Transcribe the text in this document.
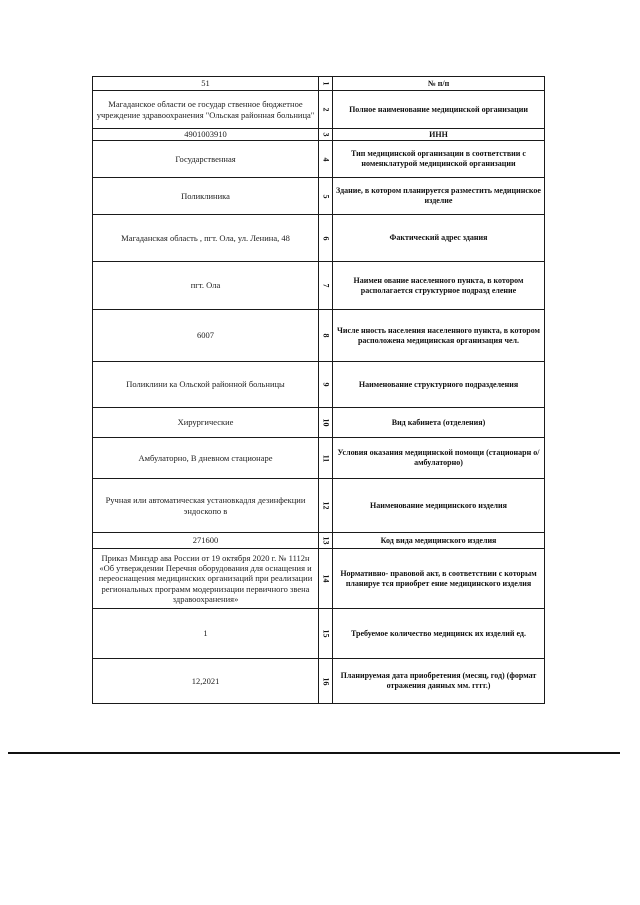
51	1	№ п/п
Магаданское области ое государ ственное бюджетное учреждение здравоохранения "Ольская районная больница"	2	Полное наименование медицинской организации
4901003910	3	ИНН
Государственная	4	Тип медицинской организации в соответствии с номенклатурой медицинской организации
Поликлиника	5	Здание, в котором планируется разместить медицинское изделие
Магаданская область , пгт. Ола, ул. Ленина, 48	6	Фактический адрес здания
пгт. Ола	7	Наимен ование населенного пункта, в котором располагается структурное подразд еление
6007	8	Числе нность населения населенного пункта, в котором расположена медицинская организация чел.
Поликлини ка Ольской районной больницы	9	Наименование структурного подразделения
Хирургические	10	Вид кабинета (отделения)
Амбулаторно, В дневном стационаре	11	Условия оказания медицинской помощи (стационарн о/амбулаторно)
Ручная или автоматическая установкадля дезинфекции эндоскопо в	12	Наименование медицинского изделия
271600	13	Код вида медицинского изделия
Приказ Минздр ава России от 19 октября 2020 г. № 1112н «Об утверждении Перечня оборудования для оснащения и переоснащения медицинских организаций при реализации региональных программ модернизации первичного звена здравоохранения»	14	Нормативно- правовой акт, в соответствии с которым планируе тся приобрет ение медицинского изделия
1	15	Требуемое количество медицинск их изделий ед.
12,2021	16	Планируемая дата приобретения (месяц, год) (формат отражения данных мм. гггг.)
